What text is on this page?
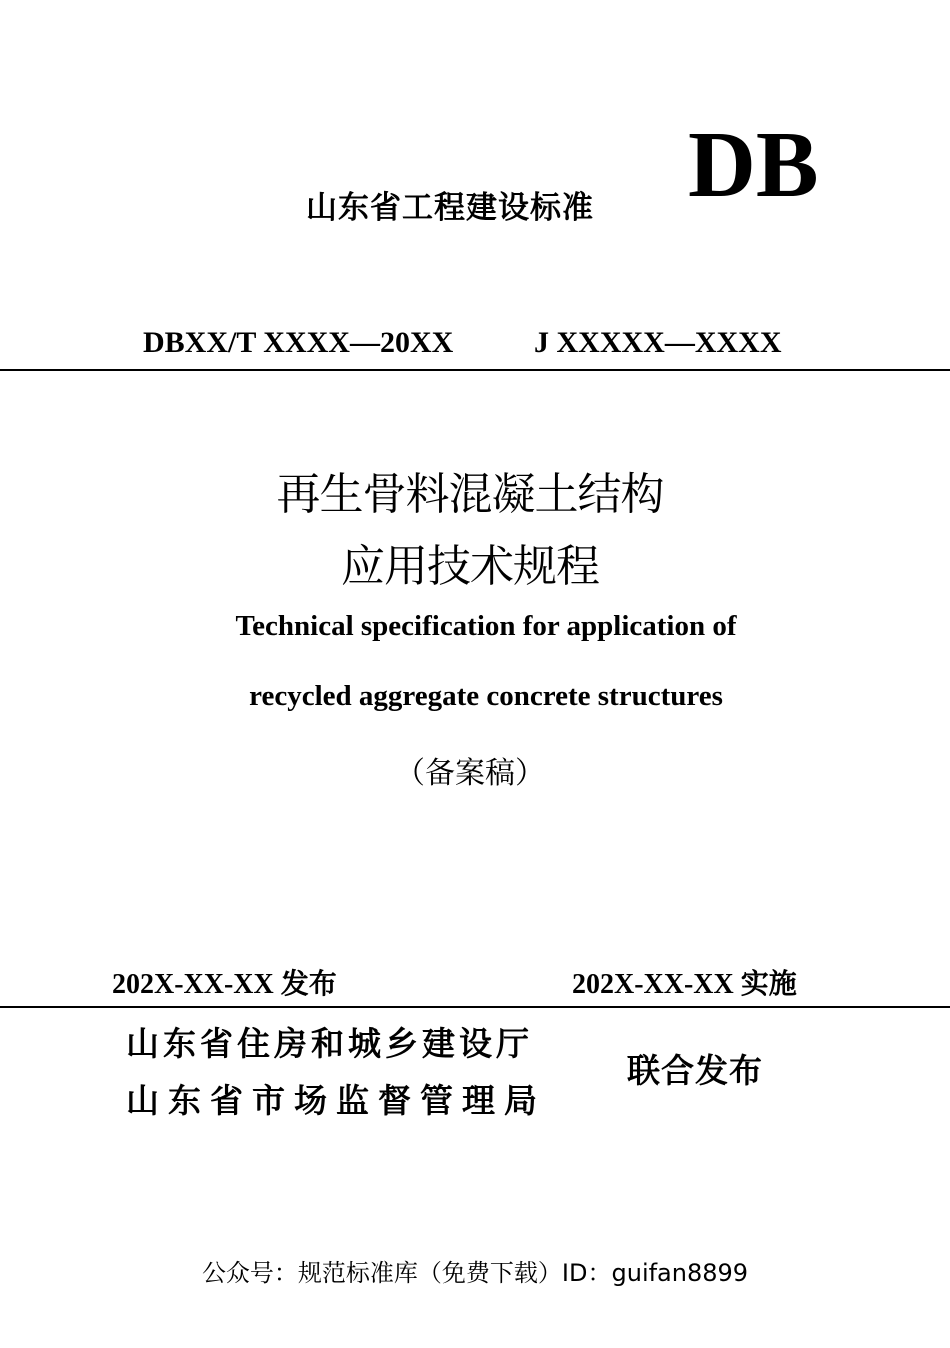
山东省工程建设标准 DB
DBXX/T XXXX—20XX	J XXXXX—XXXX
再生骨料混凝土结构
应用技术规程
Technical specification for application of
recycled aggregate concrete structures
（备案稿）
202X-XX-XX 发布	202X-XX-XX 实施
山东省住房和城乡建设厅
山东省市场监督管理局
联合发布
公众号：规范标准库（免费下载）ID：guifan8899
